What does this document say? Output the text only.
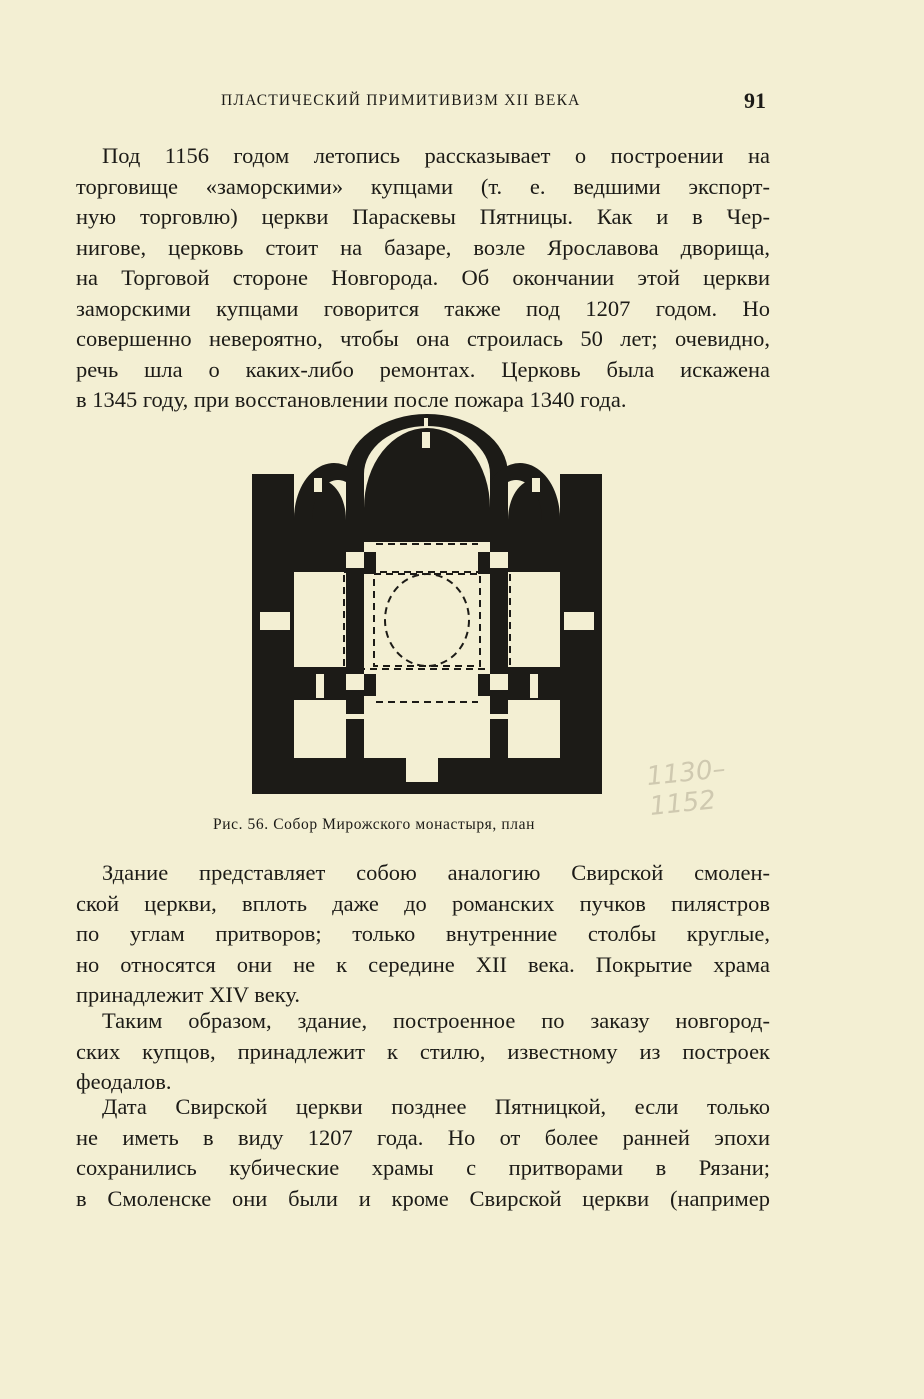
ПЛАСТИЧЕСКИЙ ПРИМИТИВИЗМ XII ВЕКА	91
Под 1156 годом летопись рассказывает о построении на
торговище «заморскими» купцами (т. е. ведшими экспорт-
ную торговлю) церкви Параскевы Пятницы. Как и в Чер-
нигове, церковь стоит на базаре, возле Ярославова дворища,
на Торговой стороне Новгорода. Об окончании этой церкви
заморскими купцами говорится также под 1207 годом. Но
совершенно невероятно, чтобы она строилась 50 лет; очевидно,
речь шла о каких-либо ремонтах. Церковь была искажена
в 1345 году, при восстановлении после пожара 1340 года.
Рис. 56. Собор Мирожского монастыря, план
1130–
1152
Здание представляет собою аналогию Свирской смолен-
ской церкви, вплоть даже до романских пучков пилястров
по углам притворов; только внутренние столбы круглые,
но относятся они не к середине XII века. Покрытие храма
принадлежит XIV веку.
Таким образом, здание, построенное по заказу новгород-
ских купцов, принадлежит к стилю, известному из построек
феодалов.
Дата Свирской церкви позднее Пятницкой, если только
не иметь в виду 1207 года. Но от более ранней эпохи
сохранились кубические храмы с притворами в Рязани;
в Смоленске они были и кроме Свирской церкви (например
